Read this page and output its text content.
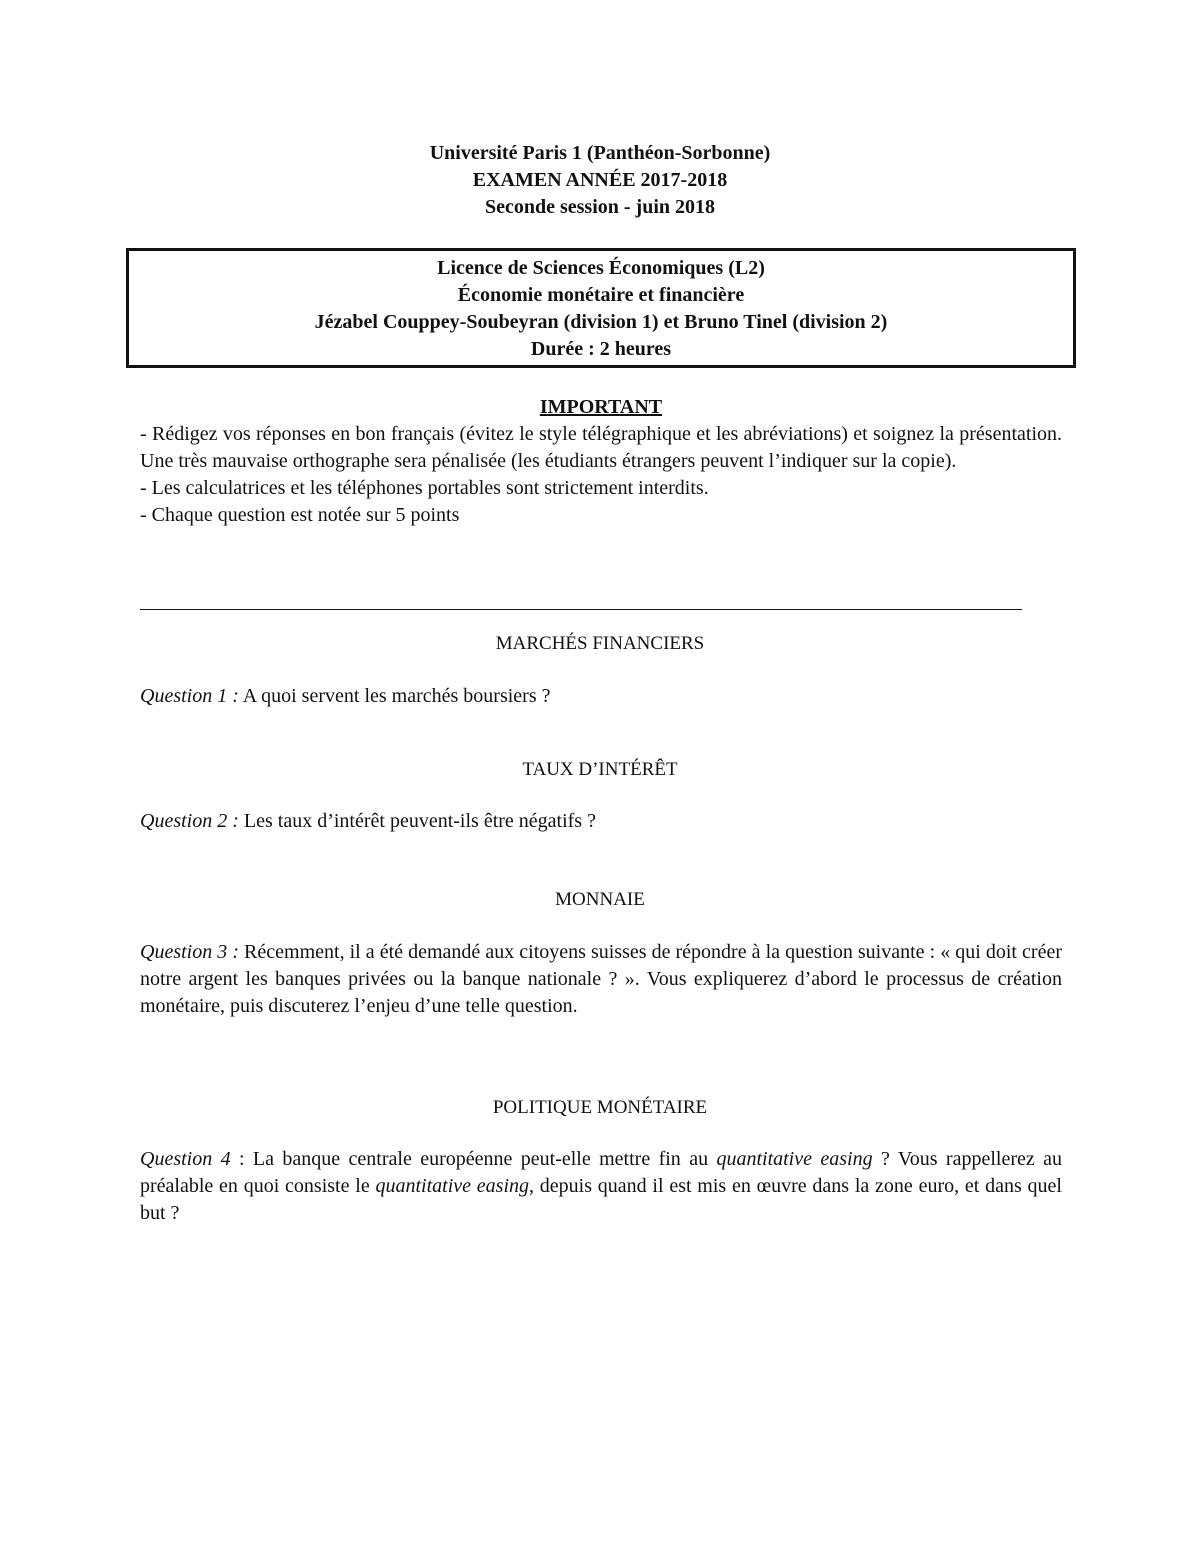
Université Paris 1 (Panthéon-Sorbonne)
EXAMEN ANNÉE 2017-2018
Seconde session - juin 2018
Licence de Sciences Économiques (L2)
Économie monétaire et financière
Jézabel Couppey-Soubeyran (division 1) et Bruno Tinel (division 2)
Durée : 2 heures
IMPORTANT
- Rédigez vos réponses en bon français (évitez le style télégraphique et les abréviations) et soignez la présentation. Une très mauvaise orthographe sera pénalisée (les étudiants étrangers peuvent l’indiquer sur la copie).
- Les calculatrices et les téléphones portables sont strictement interdits.
- Chaque question est notée sur 5 points
MARCHÉS FINANCIERS
Question 1 : A quoi servent les marchés boursiers ?
TAUX D’INTÉRÊT
Question 2 : Les taux d’intérêt peuvent-ils être négatifs ?
MONNAIE
Question 3 : Récemment, il a été demandé aux citoyens suisses de répondre à la question suivante : « qui doit créer notre argent les banques privées ou la banque nationale ? ». Vous expliquerez d’abord le processus de création monétaire, puis discuterez l’enjeu d’une telle question.
POLITIQUE MONÉTAIRE
Question 4 : La banque centrale européenne peut-elle mettre fin au quantitative easing ? Vous rappellerez au préalable en quoi consiste le quantitative easing, depuis quand il est mis en œuvre dans la zone euro, et dans quel but ?
